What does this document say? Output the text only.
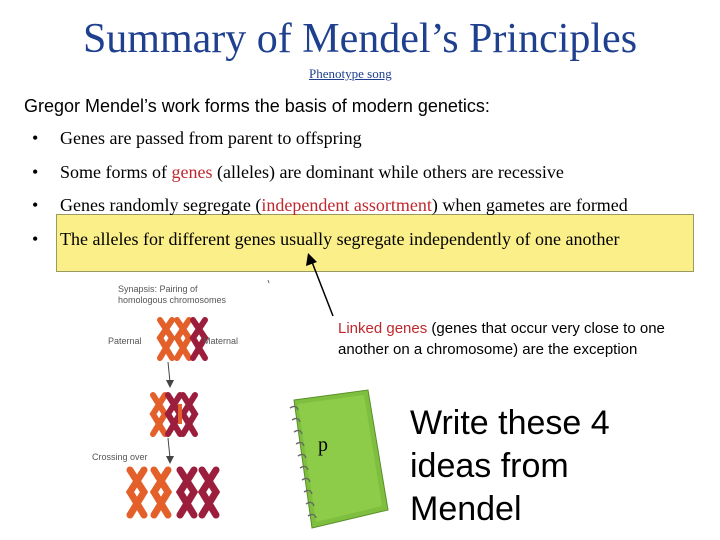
Summary of Mendel’s Principles
Phenotype song
Gregor Mendel’s work forms the basis of modern genetics:
• Genes are passed from parent to offspring
• Some forms of genes (alleles) are dominant while others are recessive
• Genes randomly segregate (independent assortment) when gametes are formed
• The alleles for different genes usually segregate independently of one another
Synapsis: Pairing of
homologous chromosomes
Paternal	Maternal
Crossing over
Linked genes (genes that occur very close to one another on a chromosome) are the exception
p
Write these 4
ideas from
Mendel
